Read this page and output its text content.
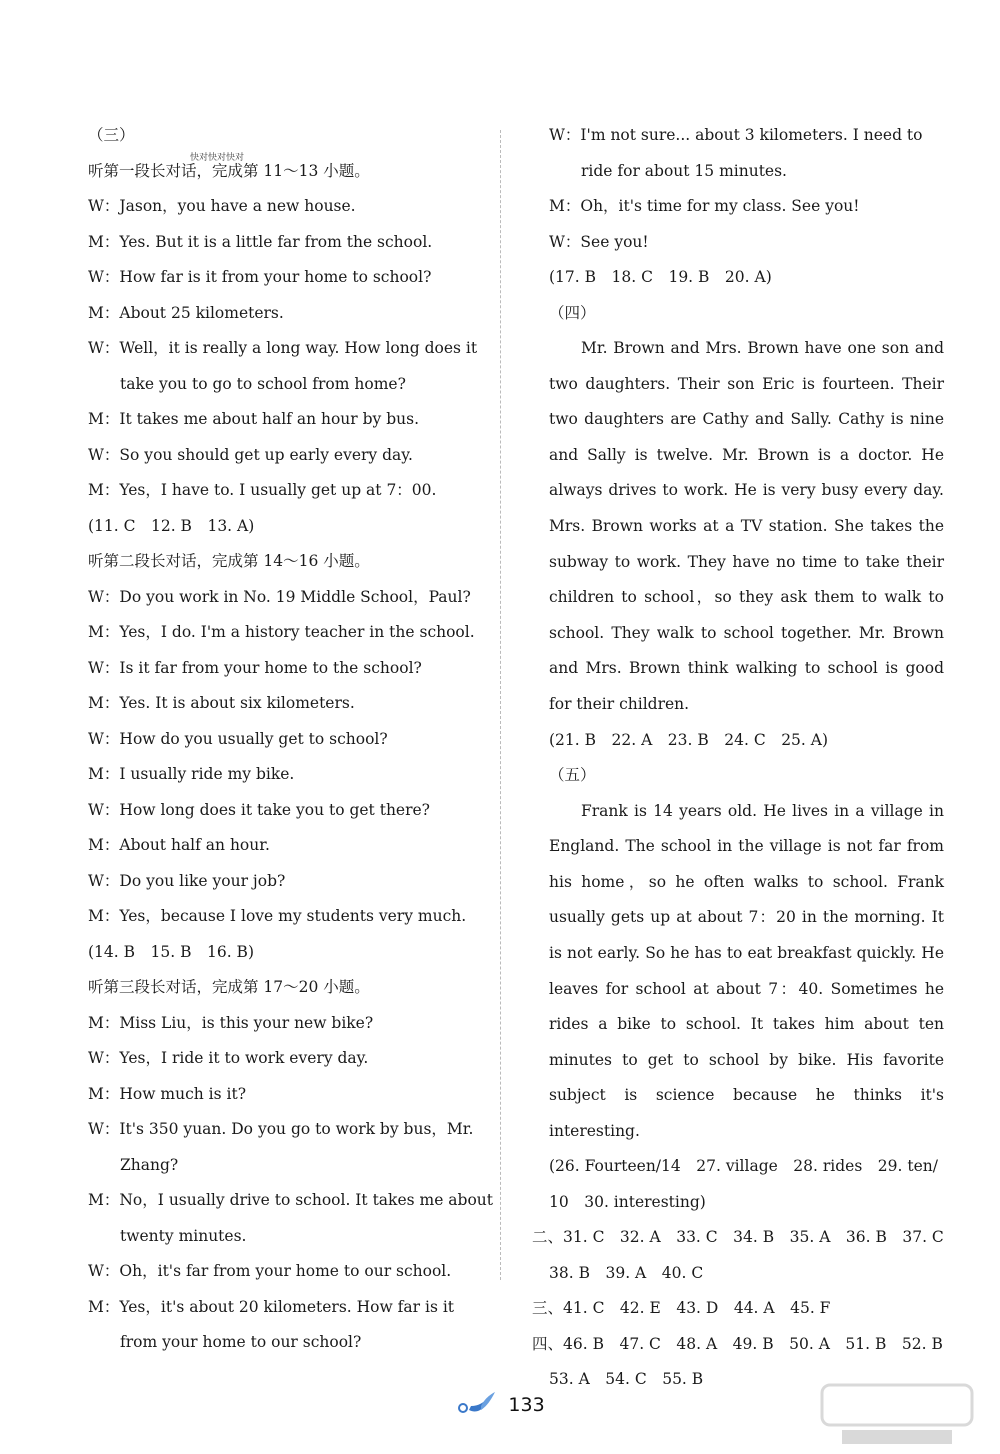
快对快对快对
（三）
听第一段长对话，完成第 11～13 小题。
W：Jason，you have a new house.
M：Yes. But it is a little far from the school.
W：How far is it from your home to school?
M：About 25 kilometers.
W：Well，it is really a long way. How long does it
take you to go to school from home?
M：It takes me about half an hour by bus.
W：So you should get up early every day.
M：Yes，I have to. I usually get up at 7：00.
(11. C　12. B　13. A)
听第二段长对话，完成第 14～16 小题。
W：Do you work in No. 19 Middle School，Paul?
M：Yes，I do. I'm a history teacher in the school.
W：Is it far from your home to the school?
M：Yes. It is about six kilometers.
W：How do you usually get to school?
M：I usually ride my bike.
W：How long does it take you to get there?
M：About half an hour.
W：Do you like your job?
M：Yes，because I love my students very much.
(14. B　15. B　16. B)
听第三段长对话，完成第 17～20 小题。
M：Miss Liu，is this your new bike?
W：Yes，I ride it to work every day.
M：How much is it?
W：It's 350 yuan. Do you go to work by bus，Mr.
Zhang?
M：No，I usually drive to school. It takes me about
twenty minutes.
W：Oh，it's far from your home to our school.
M：Yes，it's about 20 kilometers. How far is it
from your home to our school?
W：I'm not sure... about 3 kilometers. I need to
ride for about 15 minutes.
M：Oh，it's time for my class. See you!
W：See you!
(17. B　18. C　19. B　20. A)
（四）

Mr. Brown and Mrs. Brown have one son and two daughters. Their son Eric is fourteen. Their two daughters are Cathy and Sally. Cathy is nine and Sally is twelve. Mr. Brown is a doctor. He always drives to work. He is very busy every day. Mrs. Brown works at a TV station. She takes the subway to work. They have no time to take their children to school，so they ask them to walk to school. They walk to school together. Mr. Brown and Mrs. Brown think walking to school is good for their children.

(21. B　22. A　23. B　24. C　25. A)
（五）

Frank is 14 years old. He lives in a village in England. The school in the village is not far from his home，so he often walks to school. Frank usually gets up at about 7：20 in the morning. It is not early. So he has to eat breakfast quickly. He leaves for school at about 7：40. Sometimes he rides a bike to school. It takes him about ten minutes to get to school by bike. His favorite subject is science because he thinks it's interesting.

(26. Fourteen/14　27. village　28. rides　29. ten/
10　30. interesting)
二、31. C　32. A　33. C　34. B　35. A　36. B　37. C
38. B　39. A　40. C
三、41. C　42. E　43. D　44. A　45. F
四、46. B　47. C　48. A　49. B　50. A　51. B　52. B
53. A　54. C　55. B
133
